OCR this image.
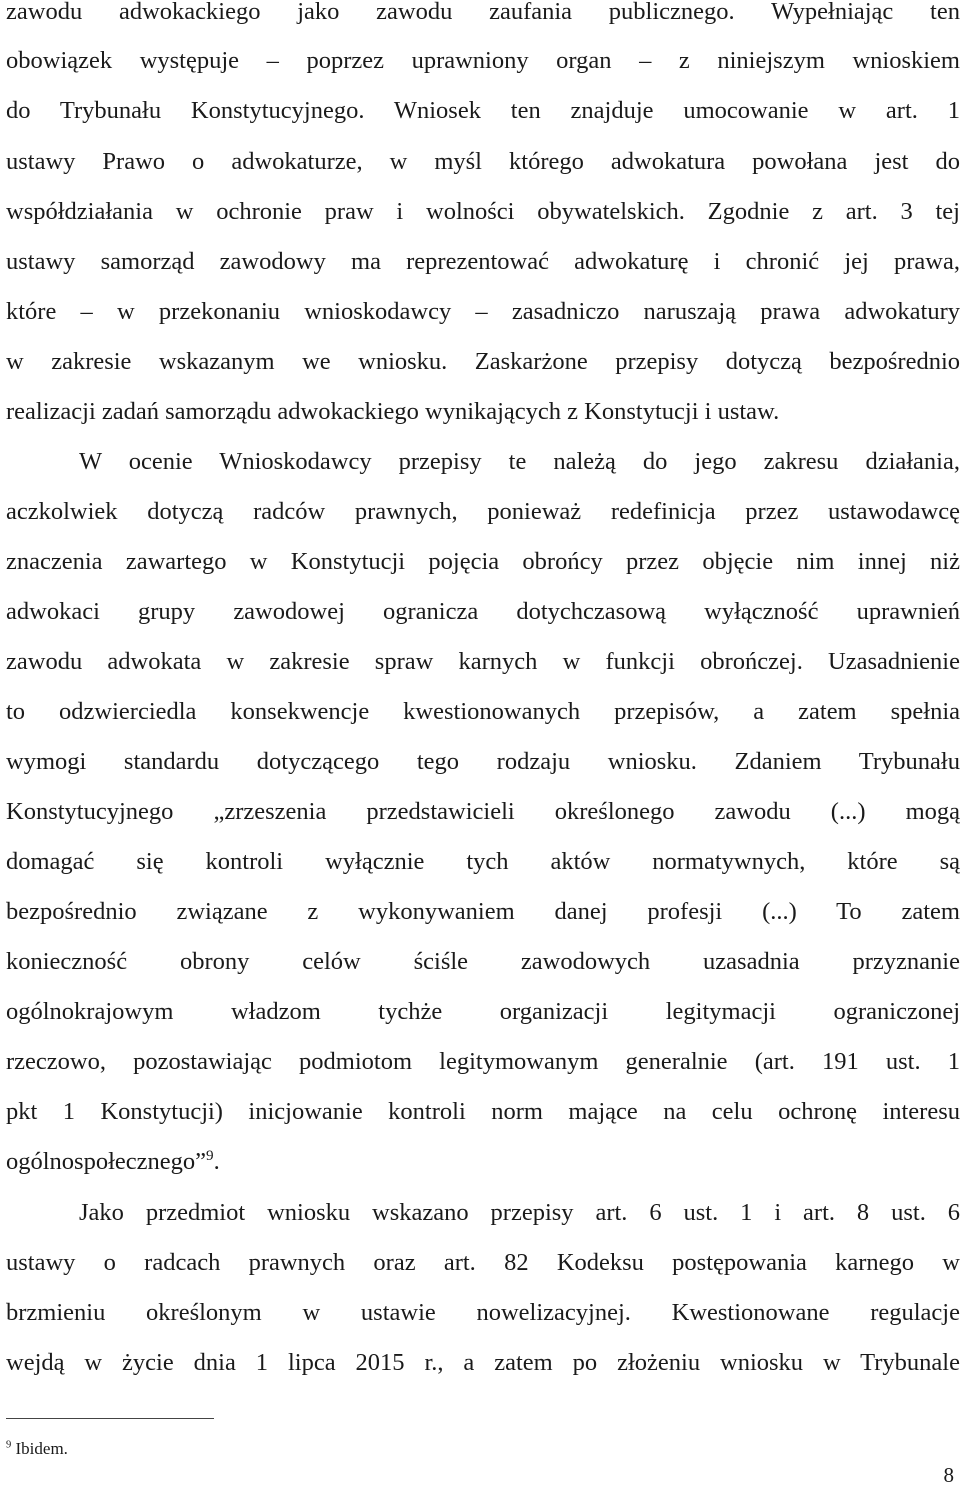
zawodu adwokackiego jako zawodu zaufania publicznego. Wypełniając ten
obowiązek występuje – poprzez uprawniony organ – z niniejszym wnioskiem
do Trybunału Konstytucyjnego. Wniosek ten znajduje umocowanie w art. 1
ustawy Prawo o adwokaturze, w myśl którego adwokatura powołana jest do
współdziałania w ochronie praw i wolności obywatelskich. Zgodnie z art. 3 tej
ustawy samorząd zawodowy ma reprezentować adwokaturę i chronić jej prawa,
które – w przekonaniu wnioskodawcy – zasadniczo naruszają prawa adwokatury
w zakresie wskazanym we wniosku. Zaskarżone przepisy dotyczą bezpośrednio
realizacji zadań samorządu adwokackiego wynikających z Konstytucji i ustaw.
W ocenie Wnioskodawcy przepisy te należą do jego zakresu działania,
aczkolwiek dotyczą radców prawnych, ponieważ redefinicja przez ustawodawcę
znaczenia zawartego w Konstytucji pojęcia obrońcy przez objęcie nim innej niż
adwokaci grupy zawodowej ogranicza dotychczasową wyłączność uprawnień
zawodu adwokata w zakresie spraw karnych w funkcji obrończej. Uzasadnienie
to odzwierciedla konsekwencje kwestionowanych przepisów, a zatem spełnia
wymogi standardu dotyczącego tego rodzaju wniosku. Zdaniem Trybunału
Konstytucyjnego „zrzeszenia przedstawicieli określonego zawodu (...) mogą
domagać się kontroli wyłącznie tych aktów normatywnych, które są
bezpośrednio związane z wykonywaniem danej profesji (...) To zatem
konieczność obrony celów ściśle zawodowych uzasadnia przyznanie
ogólnokrajowym władzom tychże organizacji legitymacji ograniczonej
rzeczowo, pozostawiając podmiotom legitymowanym generalnie (art. 191 ust. 1
pkt 1 Konstytucji) inicjowanie kontroli norm mające na celu ochronę interesu
ogólnospołecznego”$^9$.
Jako przedmiot wniosku wskazano przepisy art. 6 ust. 1 i art. 8 ust. 6
ustawy o radcach prawnych oraz art. 82 Kodeksu postępowania karnego w
brzmieniu określonym w ustawie nowelizacyjnej. Kwestionowane regulacje
wejdą w życie dnia 1 lipca 2015 r., a zatem po złożeniu wniosku w Trybunale
$^9$ Ibidem.
8
